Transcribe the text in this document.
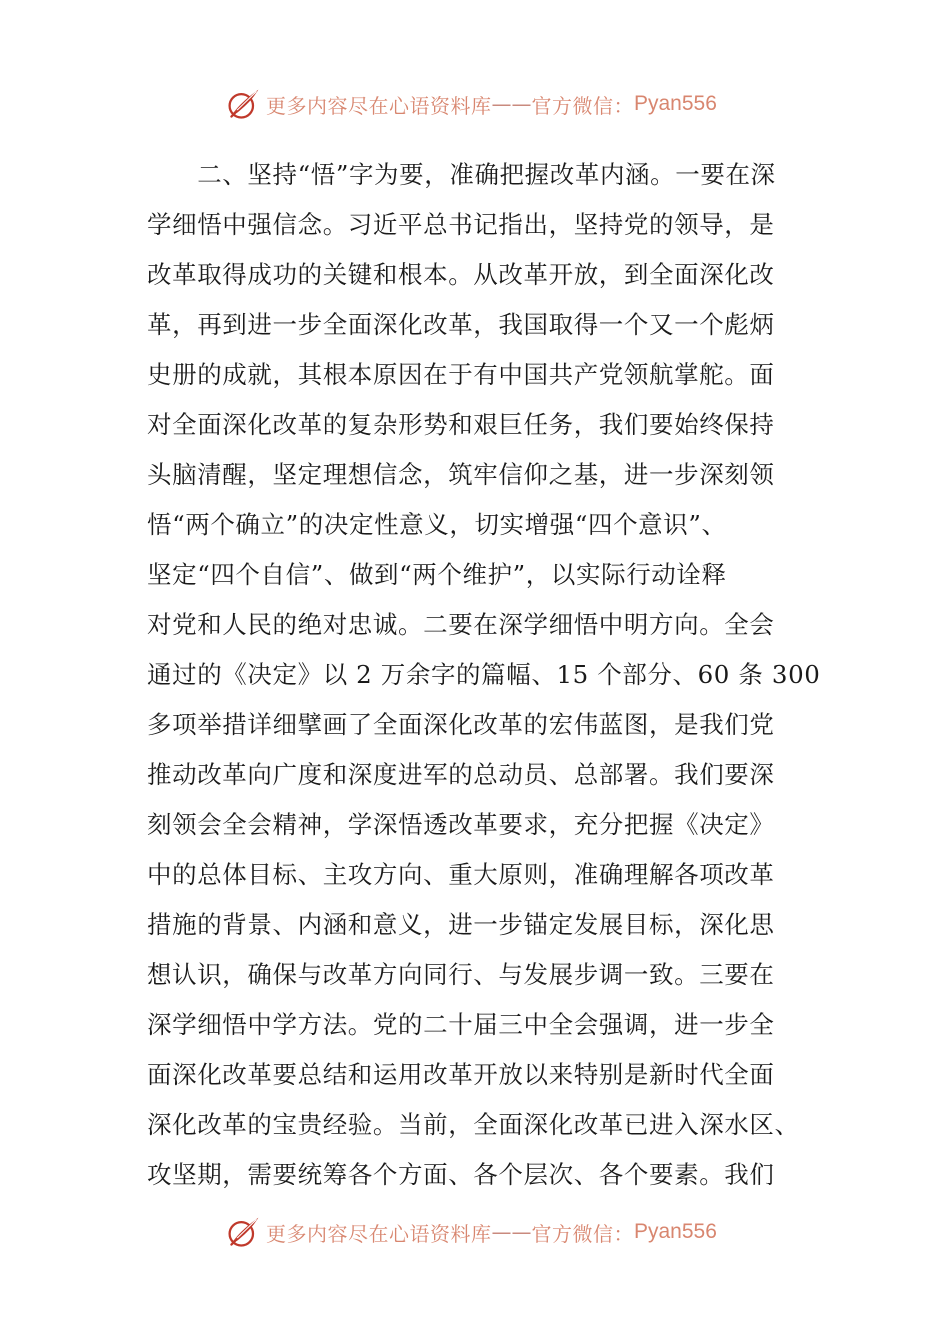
更多内容尽在心语资料库 —— 官方微信： Pyan556
　　二、坚持“悟”字为要，准确把握改革内涵。一要在深
学细悟中强信念。习近平总书记指出，坚持党的领导，是
改革取得成功的关键和根本。从改革开放，到全面深化改
革，再到进一步全面深化改革，我国取得一个又一个彪炳
史册的成就，其根本原因在于有中国共产党领航掌舵。面
对全面深化改革的复杂形势和艰巨任务，我们要始终保持
头脑清醒，坚定理想信念，筑牢信仰之基，进一步深刻领
悟“两个确立”的决定性意义，切实增强“四个意识”、
坚定“四个自信”、做到“两个维护”，以实际行动诠释
对党和人民的绝对忠诚。二要在深学细悟中明方向。全会
通过的《决定》以 2 万余字的篇幅、15 个部分、60 条 300
多项举措详细擘画了全面深化改革的宏伟蓝图，是我们党
推动改革向广度和深度进军的总动员、总部署。我们要深
刻领会全会精神，学深悟透改革要求，充分把握《决定》
中的总体目标、主攻方向、重大原则，准确理解各项改革
措施的背景、内涵和意义，进一步锚定发展目标，深化思
想认识，确保与改革方向同行、与发展步调一致。三要在
深学细悟中学方法。党的二十届三中全会强调，进一步全
面深化改革要总结和运用改革开放以来特别是新时代全面
深化改革的宝贵经验。当前，全面深化改革已进入深水区、
攻坚期，需要统筹各个方面、各个层次、各个要素。我们
更多内容尽在心语资料库 —— 官方微信： Pyan556
